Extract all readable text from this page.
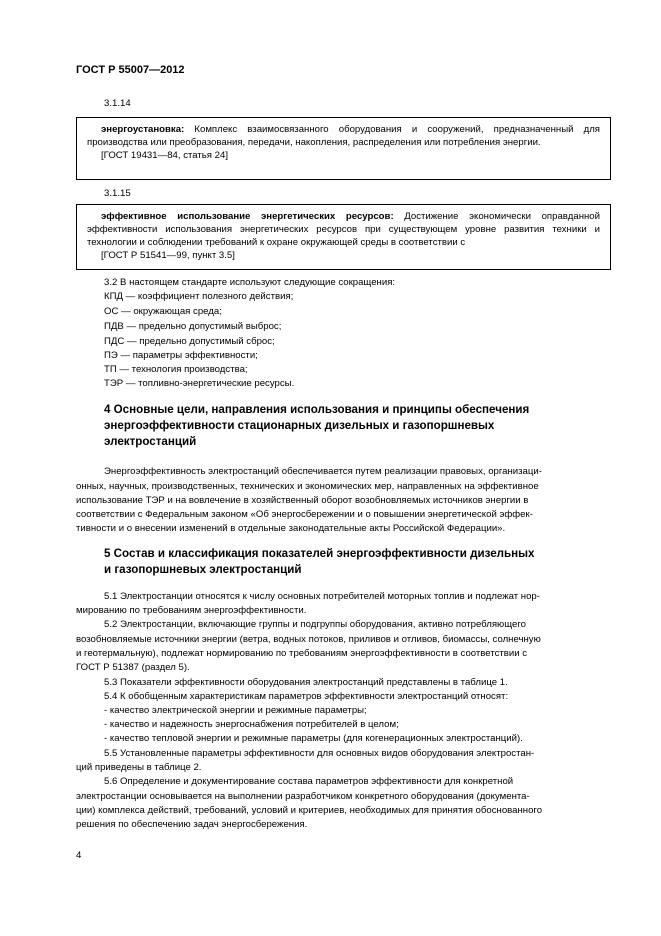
ГОСТ Р 55007—2012
3.1.14
энергоустановка: Комплекс взаимосвязанного оборудования и сооружений, предназначенный для производства или преобразования, передачи, накопления, распределения или потребления энергии.
[ГОСТ 19431—84, статья 24]
3.1.15
эффективное использование энергетических ресурсов: Достижение экономически оправданной эффективности использования энергетических ресурсов при существующем уровне развития техники и технологии и соблюдении требований к охране окружающей среды в соответствии с
[ГОСТ Р 51541—99, пункт 3.5]
3.2 В настоящем стандарте используют следующие сокращения:
КПД — коэффициент полезного действия;
ОС — окружающая среда;
ПДВ — предельно допустимый выброс;
ПДС — предельно допустимый сброс;
ПЭ — параметры эффективности;
ТП — технология производства;
ТЭР — топливно-энергетические ресурсы.
4 Основные цели, направления использования и принципы обеспечения
энергоэффективности стационарных дизельных и газопоршневых
электростанций
Энергоэффективность электростанций обеспечивается путем реализации правовых, организаци-
онных, научных, производственных, технических и экономических мер, направленных на эффективное
использование ТЭР и на вовлечение в хозяйственный оборот возобновляемых источников энергии в
соответствии с Федеральным законом «Об энергосбережении и о повышении энергетической эффек-
тивности и о внесении изменений в отдельные законодательные акты Российской Федерации».
5 Состав и классификация показателей энергоэффективности дизельных
и газопоршневых электростанций
5.1 Электростанции относятся к числу основных потребителей моторных топлив и подлежат нор-
мированию по требованиям энергоэффективности.
5.2 Электростанции, включающие группы и подгруппы оборудования, активно потребляющего
возобновляемые источники энергии (ветра, водных потоков, приливов и отливов, биомассы, солнечную
и геотермальную), подлежат нормированию по требованиям энергоэффективности в соответствии с
ГОСТ Р 51387 (раздел 5).
5.3 Показатели эффективности оборудования электростанций представлены в таблице 1.
5.4 К обобщенным характеристикам параметров эффективности электростанций относят:
- качество электрической энергии и режимные параметры;
- качество и надежность энергоснабжения потребителей в целом;
- качество тепловой энергии и режимные параметры (для когенерационных электростанций).
5.5 Установленные параметры эффективности для основных видов оборудования электростан-
ций приведены в таблице 2.
5.6 Определение и документирование состава параметров эффективности для конкретной
электростанции основывается на выполнении разработчиком конкретного оборудования (документа-
ции) комплекса действий, требований, условий и критериев, необходимых для принятия обоснованного
решения по обеспечению задач энергосбережения.
4
